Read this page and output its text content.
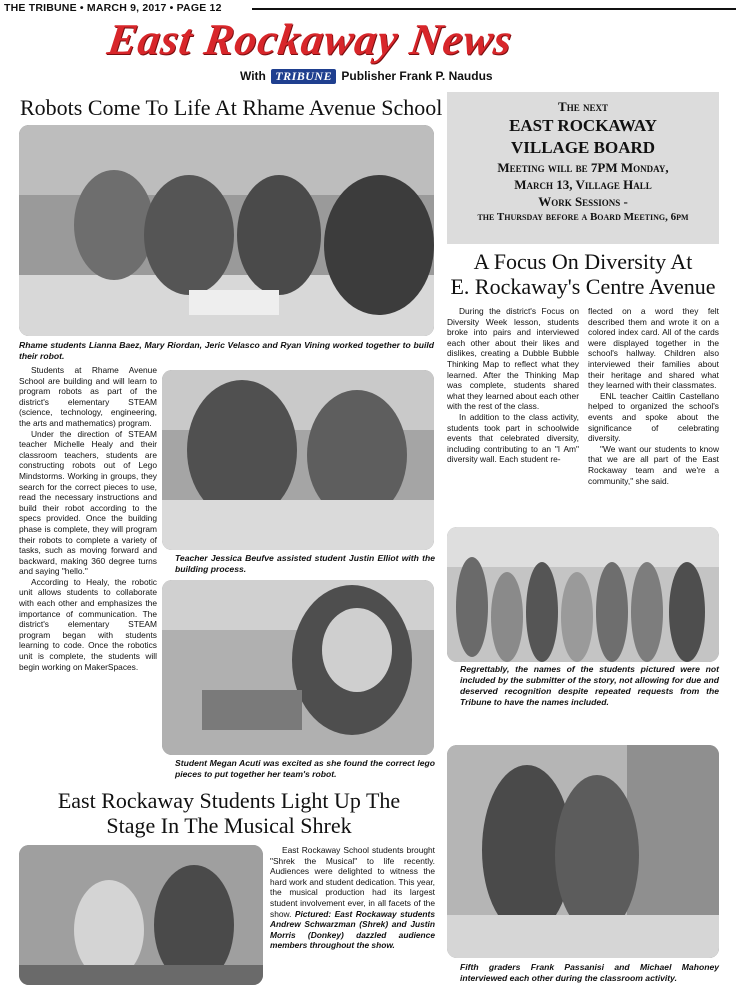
THE TRIBUNE • MARCH 9, 2017 • PAGE 12
East Rockaway News
With TRIBUNE Publisher Frank P. Naudus
Robots Come To Life At Rhame Avenue School
Rhame students Lianna Baez, Mary Riordan, Jeric Velasco and Ryan Vining worked together to build their robot.

Students at Rhame Avenue School are building and will learn to program robots as part of the district's elementary STEAM (science, technology, engineering, the arts and mathematics) program.

Under the direction of STEAM teacher Michelle Healy and their classroom teachers, students are constructing robots out of Lego Mindstorms. Working in groups, they search for the correct pieces to use, read the necessary instructions and build their robot according to the specs provided. Once the building phase is complete, they will program their robots to complete a variety of tasks, such as moving forward and backward, making 360 degree turns and saying "hello."

According to Healy, the robotic unit allows students to collaborate with each other and emphasizes the importance of communication. The district's elementary STEAM program began with students learning to code. Once the robotics unit is complete, the students will begin working on MakerSpaces.

Teacher Jessica Beufve assisted student Justin Elliot with the building process.
Student Megan Acuti was excited as she found the correct lego pieces to put together her team's robot.
East Rockaway Students Light Up The
Stage In The Musical Shrek

East Rockaway School students brought "Shrek the Musical" to life recently. Audiences were delighted to witness the hard work and student dedication. This year, the musical production had its largest student involvement ever, in all facets of the show. Pictured: East Rockaway students Andrew Schwarzman (Shrek) and Justin Morris (Donkey) dazzled audience members throughout the show.

The next
EAST ROCKAWAY
VILLAGE BOARD
Meeting will be 7PM Monday,
March 13, Village Hall
Work Sessions -
the Thursday before a Board Meeting, 6pm
A Focus On Diversity At
E. Rockaway's Centre Avenue

During the district's Focus on Diversity Week lesson, students broke into pairs and interviewed each other about their likes and dislikes, creating a Dubble Bubble Thinking Map to reflect what they learned. After the Thinking Map was complete, students shared what they learned about each other with the rest of the class.

In addition to the class activity, students took part in schoolwide events that celebrated diversity, including contributing to an "I Am" diversity wall. Each student re-

flected on a word they felt described them and wrote it on a colored index card. All of the cards were displayed together in the school's hallway. Children also interviewed their families about their heritage and shared what they learned with their classmates.

ENL teacher Caitlin Castellano helped to organized the school's events and spoke about the significance of celebrating diversity.

"We want our students to know that we are all part of the East Rockaway team and we're a community," she said.

Regrettably, the names of the students pictured were not included by the submitter of the story, not allowing for due and deserved recognition despite repeated requests from the Tribune to have the names included.
Fifth graders Frank Passanisi and Michael Mahoney interviewed each other during the classroom activity.
